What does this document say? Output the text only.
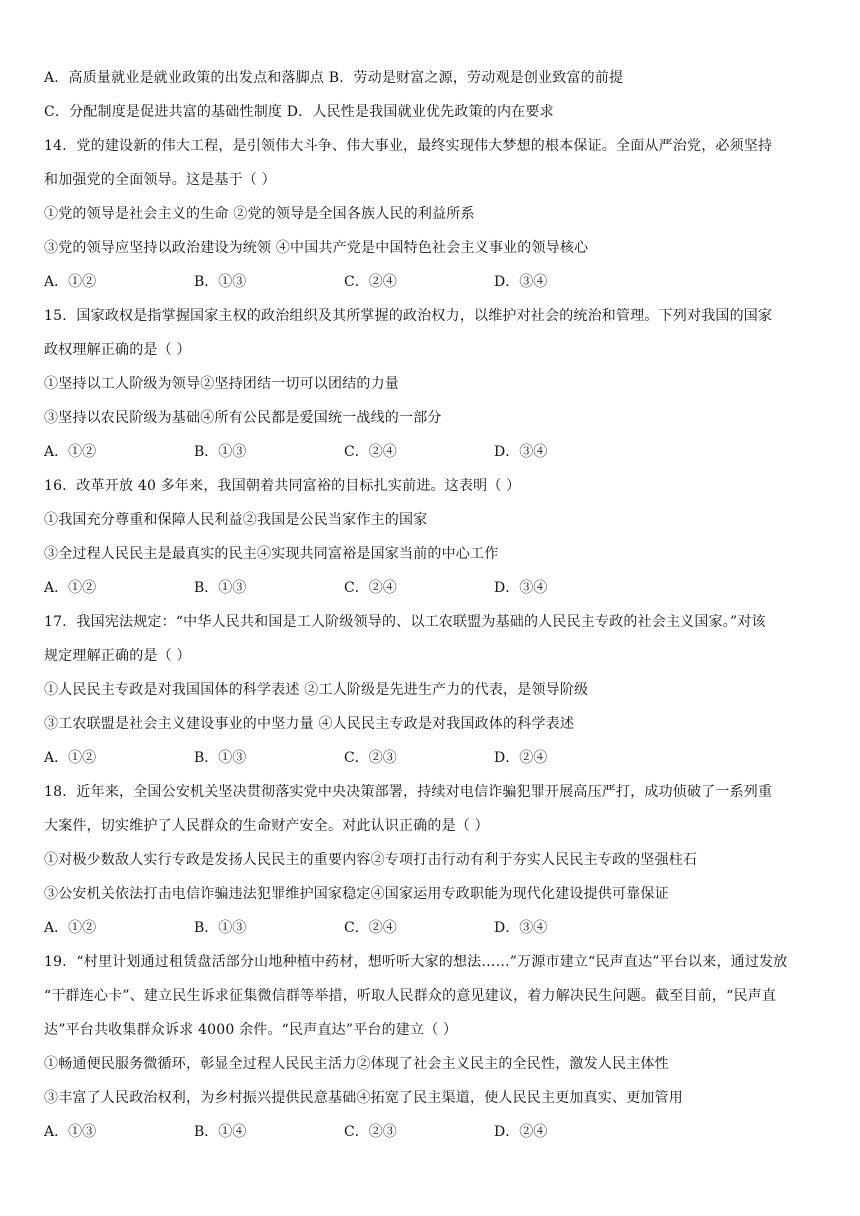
A．高质量就业是就业政策的出发点和落脚点 B．劳动是财富之源，劳动观是创业致富的前提
C．分配制度是促进共富的基础性制度 D．人民性是我国就业优先政策的内在要求
14．党的建设新的伟大工程，是引领伟大斗争、伟大事业，最终实现伟大梦想的根本保证。全面从严治党，必须坚持
和加强党的全面领导。这是基于（ ）
①党的领导是社会主义的生命 ②党的领导是全国各族人民的利益所系
③党的领导应坚持以政治建设为统领 ④中国共产党是中国特色社会主义事业的领导核心
A．①②	B．①③	C．②④	D．③④
15．国家政权是指掌握国家主权的政治组织及其所掌握的政治权力，以维护对社会的统治和管理。下列对我国的国家
政权理解正确的是（ ）
①坚持以工人阶级为领导②坚持团结一切可以团结的力量
③坚持以农民阶级为基础④所有公民都是爱国统一战线的一部分
A．①②	B．①③	C．②④	D．③④
16．改革开放 40 多年来，我国朝着共同富裕的目标扎实前进。这表明（ ）
①我国充分尊重和保障人民利益②我国是公民当家作主的国家
③全过程人民民主是最真实的民主④实现共同富裕是国家当前的中心工作
A．①②	B．①③	C．②④	D．③④
17．我国宪法规定：“中华人民共和国是工人阶级领导的、以工农联盟为基础的人民民主专政的社会主义国家。”对该
规定理解正确的是（ ）
①人民民主专政是对我国国体的科学表述 ②工人阶级是先进生产力的代表，是领导阶级
③工农联盟是社会主义建设事业的中坚力量 ④人民民主专政是对我国政体的科学表述
A．①②	B．①③	C．②③	D．②④
18．近年来，全国公安机关坚决贯彻落实党中央决策部署，持续对电信诈骗犯罪开展高压严打，成功侦破了一系列重
大案件，切实维护了人民群众的生命财产安全。对此认识正确的是（ ）
①对极少数敌人实行专政是发扬人民民主的重要内容②专项打击行动有利于夯实人民民主专政的坚强柱石
③公安机关依法打击电信诈骗违法犯罪维护国家稳定④国家运用专政职能为现代化建设提供可靠保证
A．①②	B．①③	C．②④	D．③④
19．“村里计划通过租赁盘活部分山地种植中药材，想听听大家的想法……”万源市建立“民声直达”平台以来，通过发放
“干群连心卡”、建立民生诉求征集微信群等举措，听取人民群众的意见建议，着力解决民生问题。截至目前，“民声直
达”平台共收集群众诉求 4000 余件。“民声直达”平台的建立（ ）
①畅通便民服务微循环，彰显全过程人民民主活力②体现了社会主义民主的全民性，激发人民主体性
③丰富了人民政治权利，为乡村振兴提供民意基础④拓宽了民主渠道，使人民民主更加真实、更加管用
A．①③	B．①④	C．②③	D．②④
